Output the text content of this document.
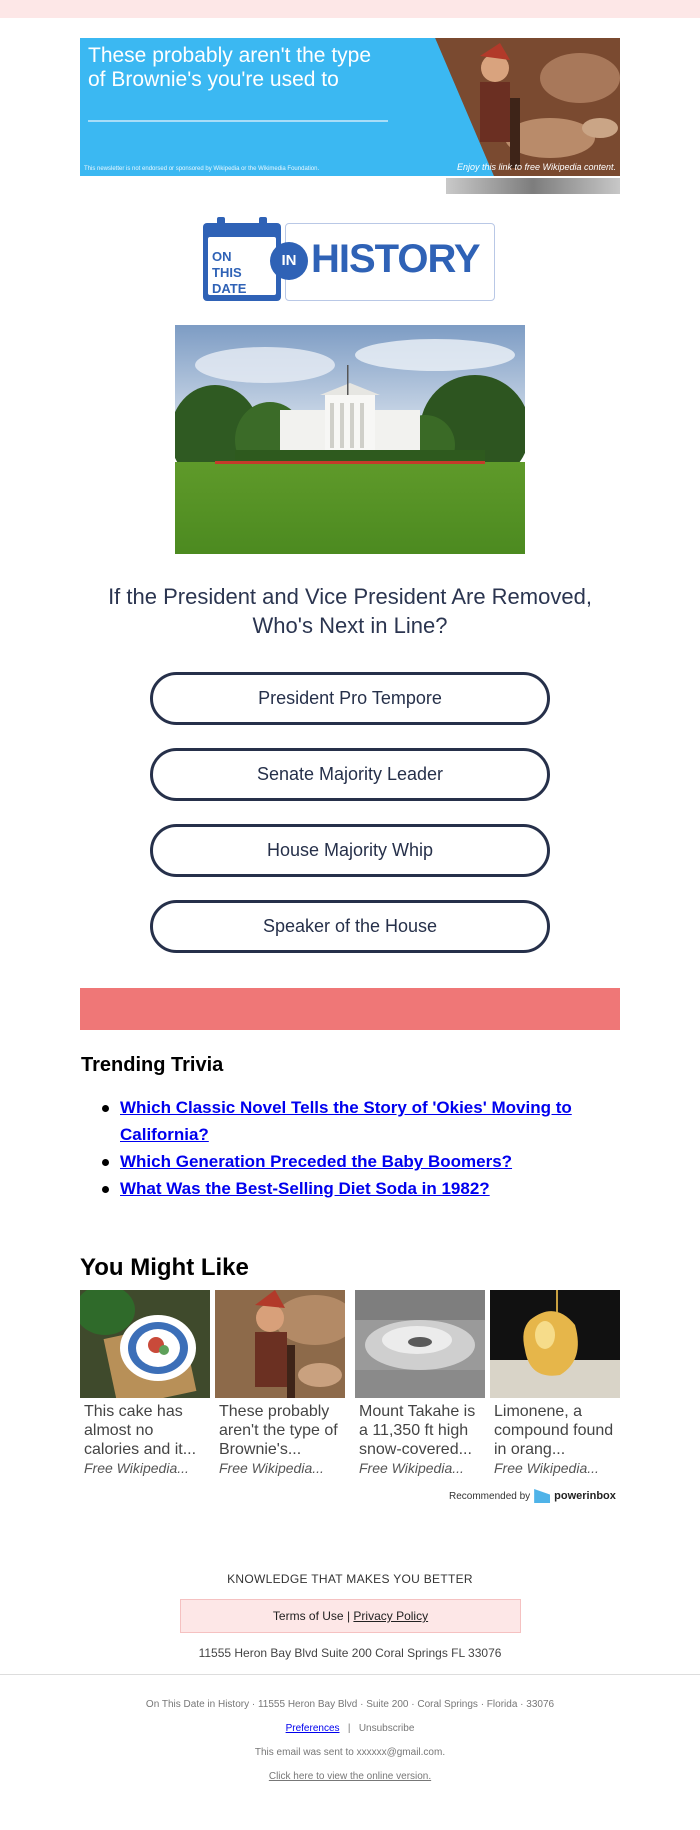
These probably aren't the type of Brownie's you're used to
This newsletter is not endorsed or sponsored by Wikipedia or the Wikimedia Foundation.	Enjoy this link to free Wikipedia content.
ON
THIS
DATE
IN HISTORY
If the President and Vice President Are Removed, Who's Next in Line?
President Pro Tempore
Senate Majority Leader
House Majority Whip
Speaker of the House
Trending Trivia
Which Classic Novel Tells the Story of 'Okies' Moving to California?
Which Generation Preceded the Baby Boomers?
What Was the Best-Selling Diet Soda in 1982?
You Might Like
This cake has almost no calories and it...
Free Wikipedia...
These probably aren't the type of Brownie's...
Free Wikipedia...
Mount Takahe is a 11,350 ft high snow-covered...
Free Wikipedia...
Limonene, a compound found in orang...
Free Wikipedia...
Recommended by powerinbox
KNOWLEDGE THAT MAKES YOU BETTER
Terms of Use | Privacy Policy
11555 Heron Bay Blvd Suite 200 Coral Springs FL 33076
On This Date in History · 11555 Heron Bay Blvd · Suite 200 · Coral Springs · Florida · 33076
Preferences | Unsubscribe
This email was sent to xxxxxx@gmail.com.
Click here to view the online version.
